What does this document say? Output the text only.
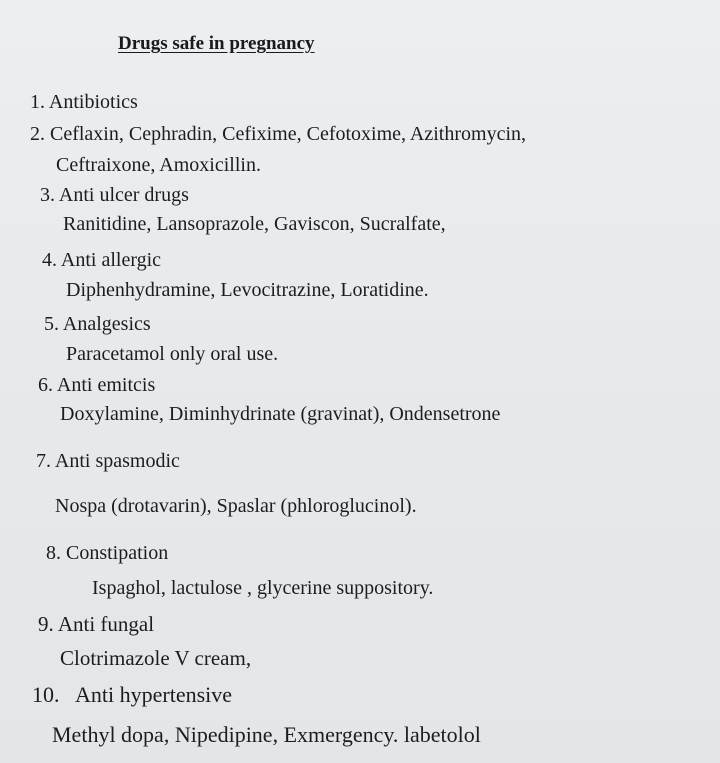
Drugs safe in pregnancy
1. Antibiotics
2. Ceflaxin, Cephradin, Cefixime, Cefotoxime, Azithromycin,
Ceftraixone, Amoxicillin.
3. Anti ulcer drugs
Ranitidine, Lansoprazole, Gaviscon, Sucralfate,
4. Anti allergic
Diphenhydramine, Levocitrazine, Loratidine.
5. Analgesics
Paracetamol only oral use.
6. Anti emitcis
Doxylamine, Diminhydrinate (gravinat), Ondensetrone
7. Anti spasmodic
Nospa (drotavarin), Spaslar (phloroglucinol).
8. Constipation
Ispaghol, lactulose , glycerine suppository.
9. Anti fungal
Clotrimazole V cream,
10. Anti hypertensive
Methyl dopa, Nipedipine, Exmergency. labetolol
